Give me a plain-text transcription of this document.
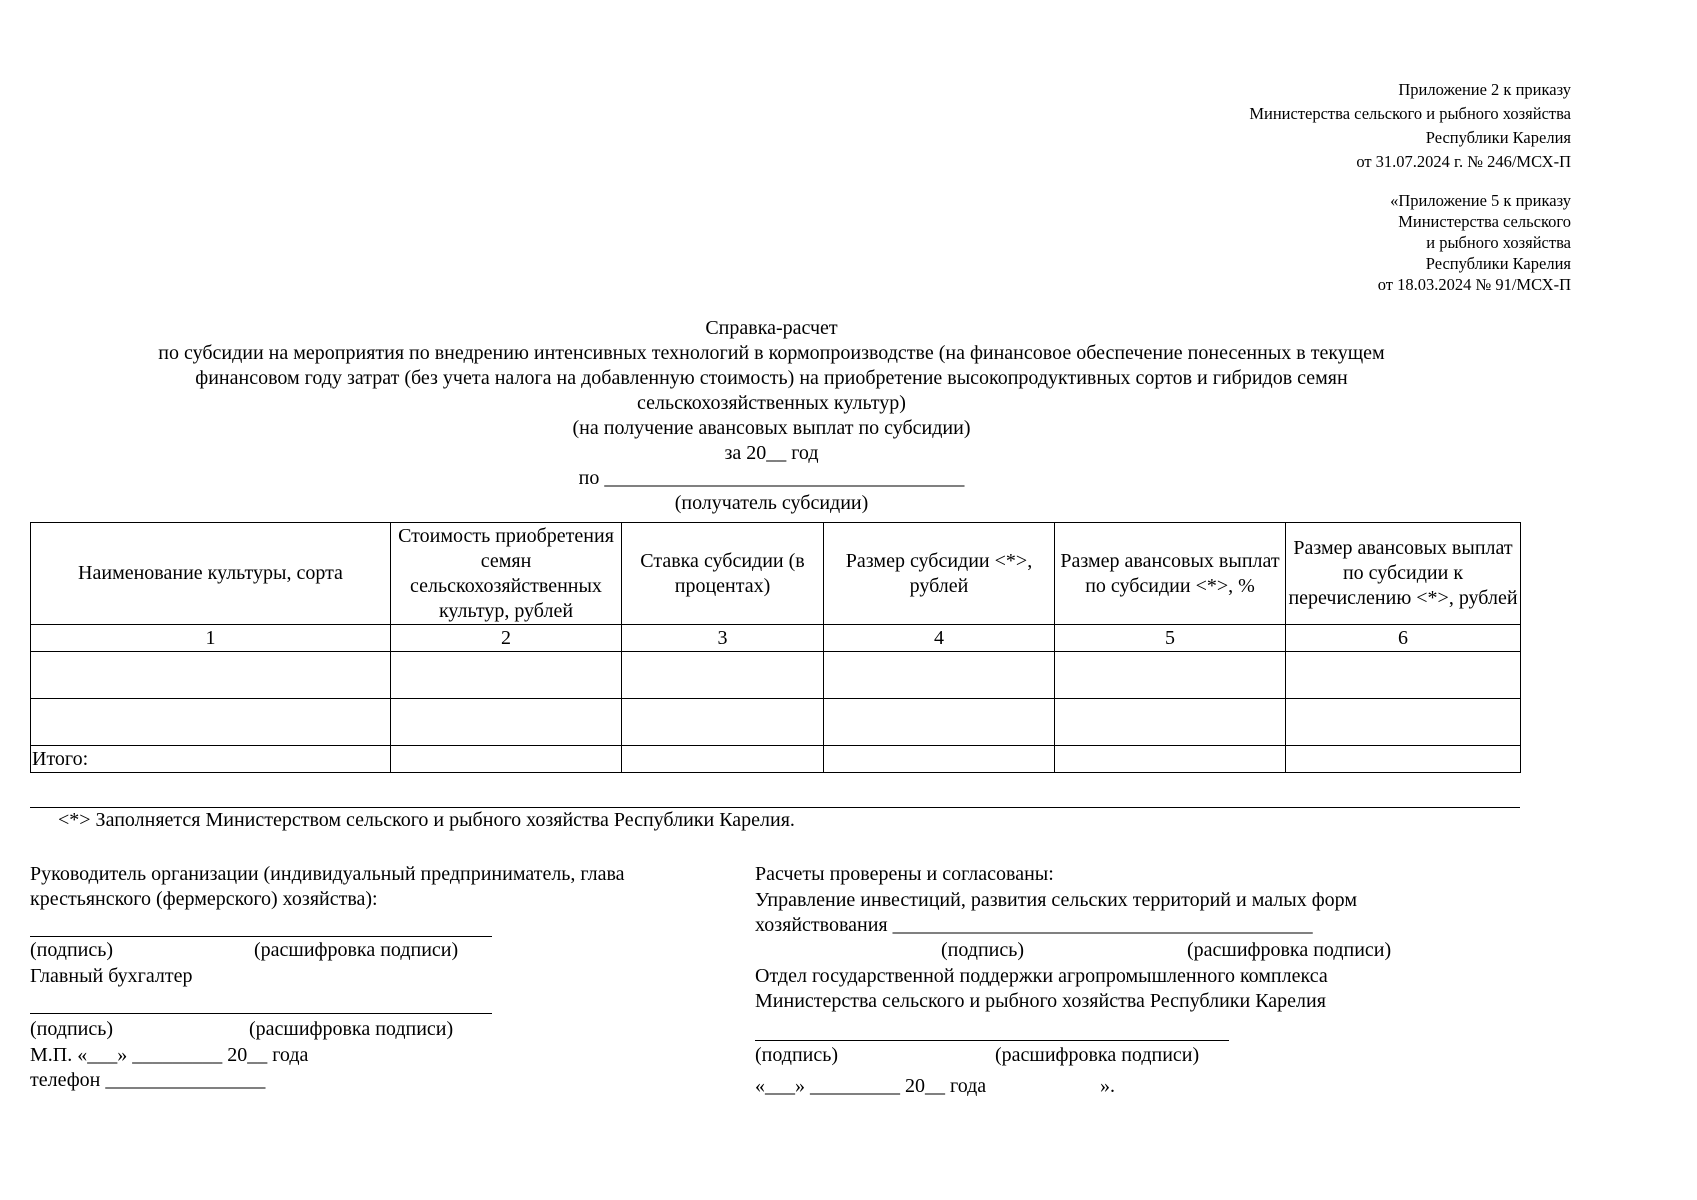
Приложение 2 к приказу
Министерства сельского и рыбного хозяйства
Республики Карелия
от 31.07.2024 г. № 246/МСХ-П
«Приложение 5 к приказу
Министерства сельского
и рыбного хозяйства
Республики Карелия
от 18.03.2024 № 91/МСХ-П
Справка-расчет
по субсидии на мероприятия по внедрению интенсивных технологий в кормопроизводстве (на финансовое обеспечение понесенных в текущем
финансовом году затрат (без учета налога на добавленную стоимость) на приобретение высокопродуктивных сортов и гибридов семян
сельскохозяйственных культур)
(на получение авансовых выплат по субсидии)
за 20__ год
по ____________________________________
(получатель субсидии)
Наименование культуры, сорта	Стоимость приобретения семян сельскохозяйственных культур, рублей	Ставка субсидии (в процентах)	Размер субсидии <*>, рублей	Размер авансовых выплат по субсидии <*>, %	Размер авансовых выплат по субсидии к перечислению <*>, рублей
1	2	3	4	5	6

Итого:					
<*> Заполняется Министерством сельского и рыбного хозяйства Республики Карелия.
Руководитель организации (индивидуальный предприниматель, глава
крестьянского (фермерского) хозяйства):
(подпись)	(расшифровка подписи)
Главный бухгалтер
(подпись)	(расшифровка подписи)
М.П. «___» _________ 20__ года
телефон ________________
Расчеты проверены и согласованы:
Управление инвестиций, развития сельских территорий и малых форм
хозяйствования __________________________________________
(подпись)	(расшифровка подписи)
Отдел государственной поддержки агропромышленного комплекса
Министерства сельского и рыбного хозяйства Республики Карелия
(подпись)	(расшифровка подписи)
«___» _________ 20__ года	».
